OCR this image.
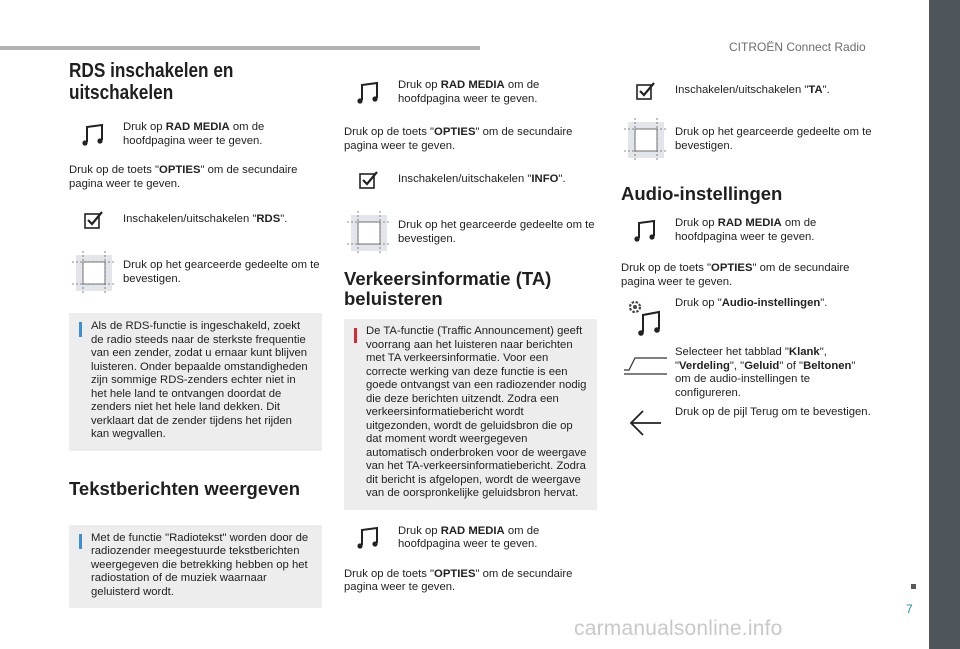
CITROËN Connect Radio
7
carmanualsonline.info
RDS inschakelen en uitschakelen
Druk op RAD MEDIA om de hoofdpagina weer te geven.

Druk op de toets "OPTIES" om de secundaire pagina weer te geven.

Inschakelen/uitschakelen "RDS".
Druk op het gearceerde gedeelte om te bevestigen.
Als de RDS-functie is ingeschakeld, zoekt de radio steeds naar de sterkste frequentie van een zender, zodat u ernaar kunt blijven luisteren. Onder bepaalde omstandigheden zijn sommige RDS-zenders echter niet in het hele land te ontvangen doordat de zenders niet het hele land dekken. Dit verklaart dat de zender tijdens het rijden kan wegvallen.
Tekstberichten weergeven
Met de functie "Radiotekst" worden door de radiozender meegestuurde tekstberichten weergegeven die betrekking hebben op het radiostation of de muziek waarnaar geluisterd wordt.
Druk op RAD MEDIA om de hoofdpagina weer te geven.

Druk op de toets "OPTIES" om de secundaire pagina weer te geven.

Inschakelen/uitschakelen "INFO".
Druk op het gearceerde gedeelte om te bevestigen.
Verkeersinformatie (TA) beluisteren
De TA-functie (Traffic Announcement) geeft voorrang aan het luisteren naar berichten met TA verkeersinformatie. Voor een correcte werking van deze functie is een goede ontvangst van een radiozender nodig die deze berichten uitzendt. Zodra een verkeersinformatiebericht wordt uitgezonden, wordt de geluidsbron die op dat moment wordt weergegeven automatisch onderbroken voor de weergave van het TA-verkeersinformatiebericht. Zodra dit bericht is afgelopen, wordt de weergave van de oorspronkelijke geluidsbron hervat.
Druk op RAD MEDIA om de hoofdpagina weer te geven.

Druk op de toets "OPTIES" om de secundaire pagina weer te geven.

Inschakelen/uitschakelen "TA".
Druk op het gearceerde gedeelte om te bevestigen.
Audio-instellingen
Druk op RAD MEDIA om de hoofdpagina weer te geven.

Druk op de toets "OPTIES" om de secundaire pagina weer te geven.

Druk op "Audio-instellingen".
Selecteer het tabblad "Klank", "Verdeling", "Geluid" of "Beltonen" om de audio-instellingen te configureren.
Druk op de pijl Terug om te bevestigen.
